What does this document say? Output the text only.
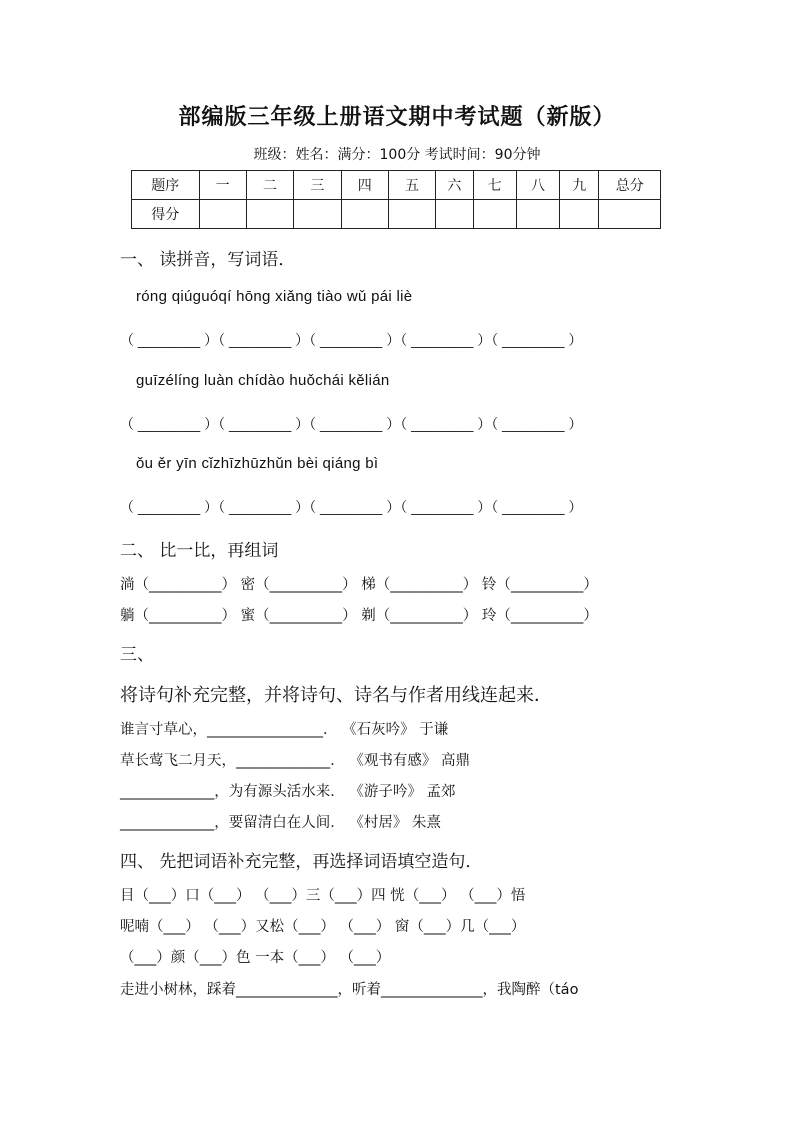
部编版三年级上册语文期中考试题（新版）
班级：姓名：满分：100分 考试时间：90分钟
题序	一	二	三	四	五	六	七	八	九	总分
得分										
一、 读拼音，写词语．
róng qiúguóqí hōng xiǎng tiào wǔ pái liè
（ ________ ）（ ________ ）（ ________ ）（ ________ ）（ ________ ）
guīzélíng luàn chídào huǒchái kělián
（ ________ ）（ ________ ）（ ________ ）（ ________ ）（ ________ ）
ǒu ěr yīn cǐzhīzhūzhǔn bèi qiáng bì
（ ________ ）（ ________ ）（ ________ ）（ ________ ）（ ________ ）
二、 比一比，再组词
淌（__________） 密（__________） 梯（__________） 铃（__________）
躺（__________） 蜜（__________） 剃（__________） 玲（__________）
三、
将诗句补充完整，并将诗句、诗名与作者用线连起来．
谁言寸草心，________________． 《石灰吟》 于谦
草长莺飞二月天，_____________． 《观书有感》 高鼎
_____________，为有源头活水来． 《游子吟》 孟郊
_____________，要留清白在人间． 《村居》 朱熹
四、 先把词语补充完整，再选择词语填空造句．
目（___）口（___） （___）三（___）四 恍（___） （___）悟
呢喃（___） （___）又松（___） （___） 窗（___）几（___）
（___）颜（___）色 一本（___） （___）
走进小树林，踩着______________，听着______________，我陶醉（táo
